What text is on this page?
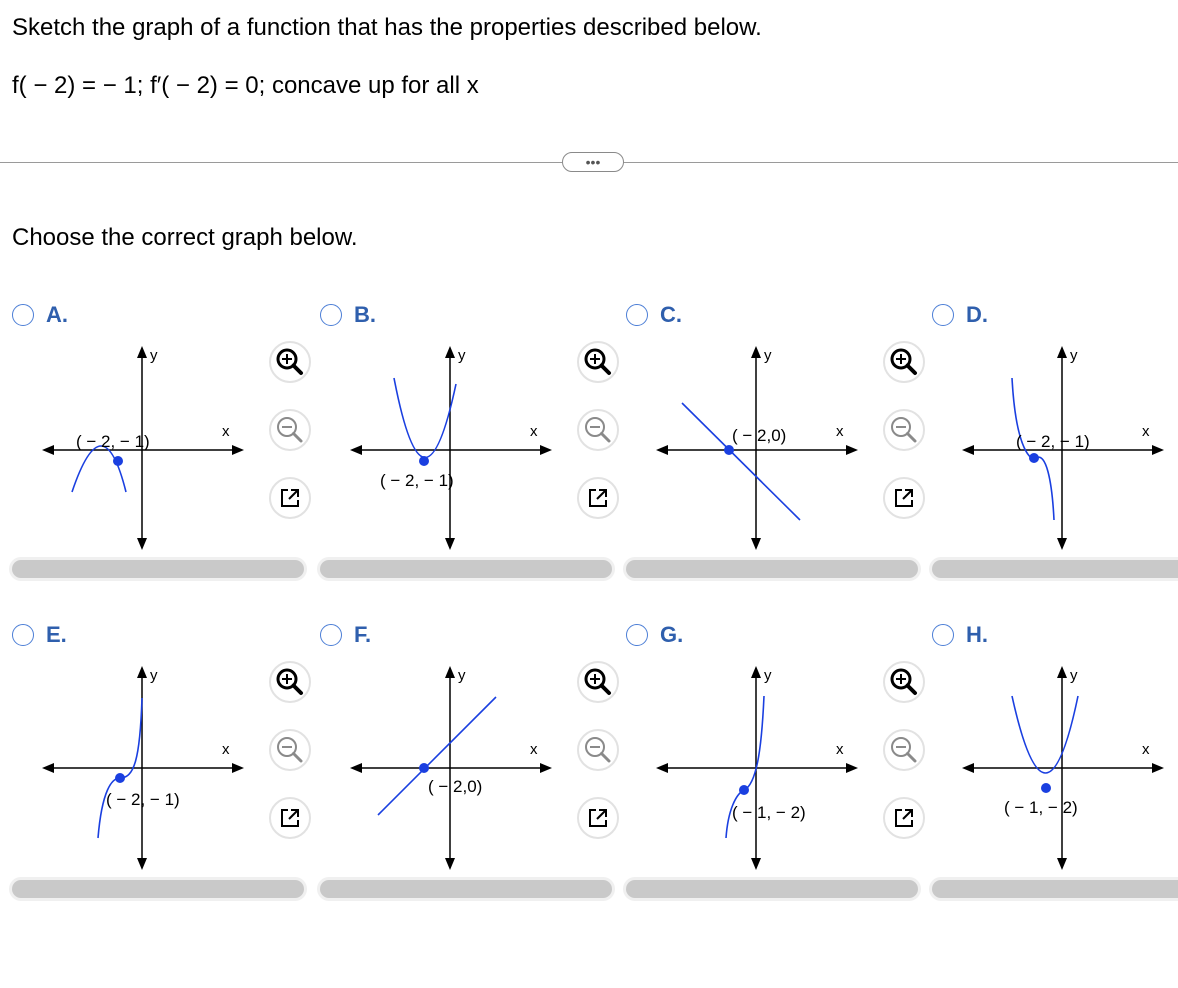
Sketch the graph of a function that has the properties described below.
f( − 2) = − 1; f′( − 2) = 0; concave up for all x
•••
Choose the correct graph below.
A.	B.	C.	D.
E.	F.	G.	H.
x
y
( − 2, − 1)
x
y
( − 2, − 1)
x
y
( − 2,0)	x
y
( − 2, − 1)
x
y
( − 2, − 1)
x
y
( − 2,0)
x
y
( − 1, − 2)
x
y
( − 1, − 2)
